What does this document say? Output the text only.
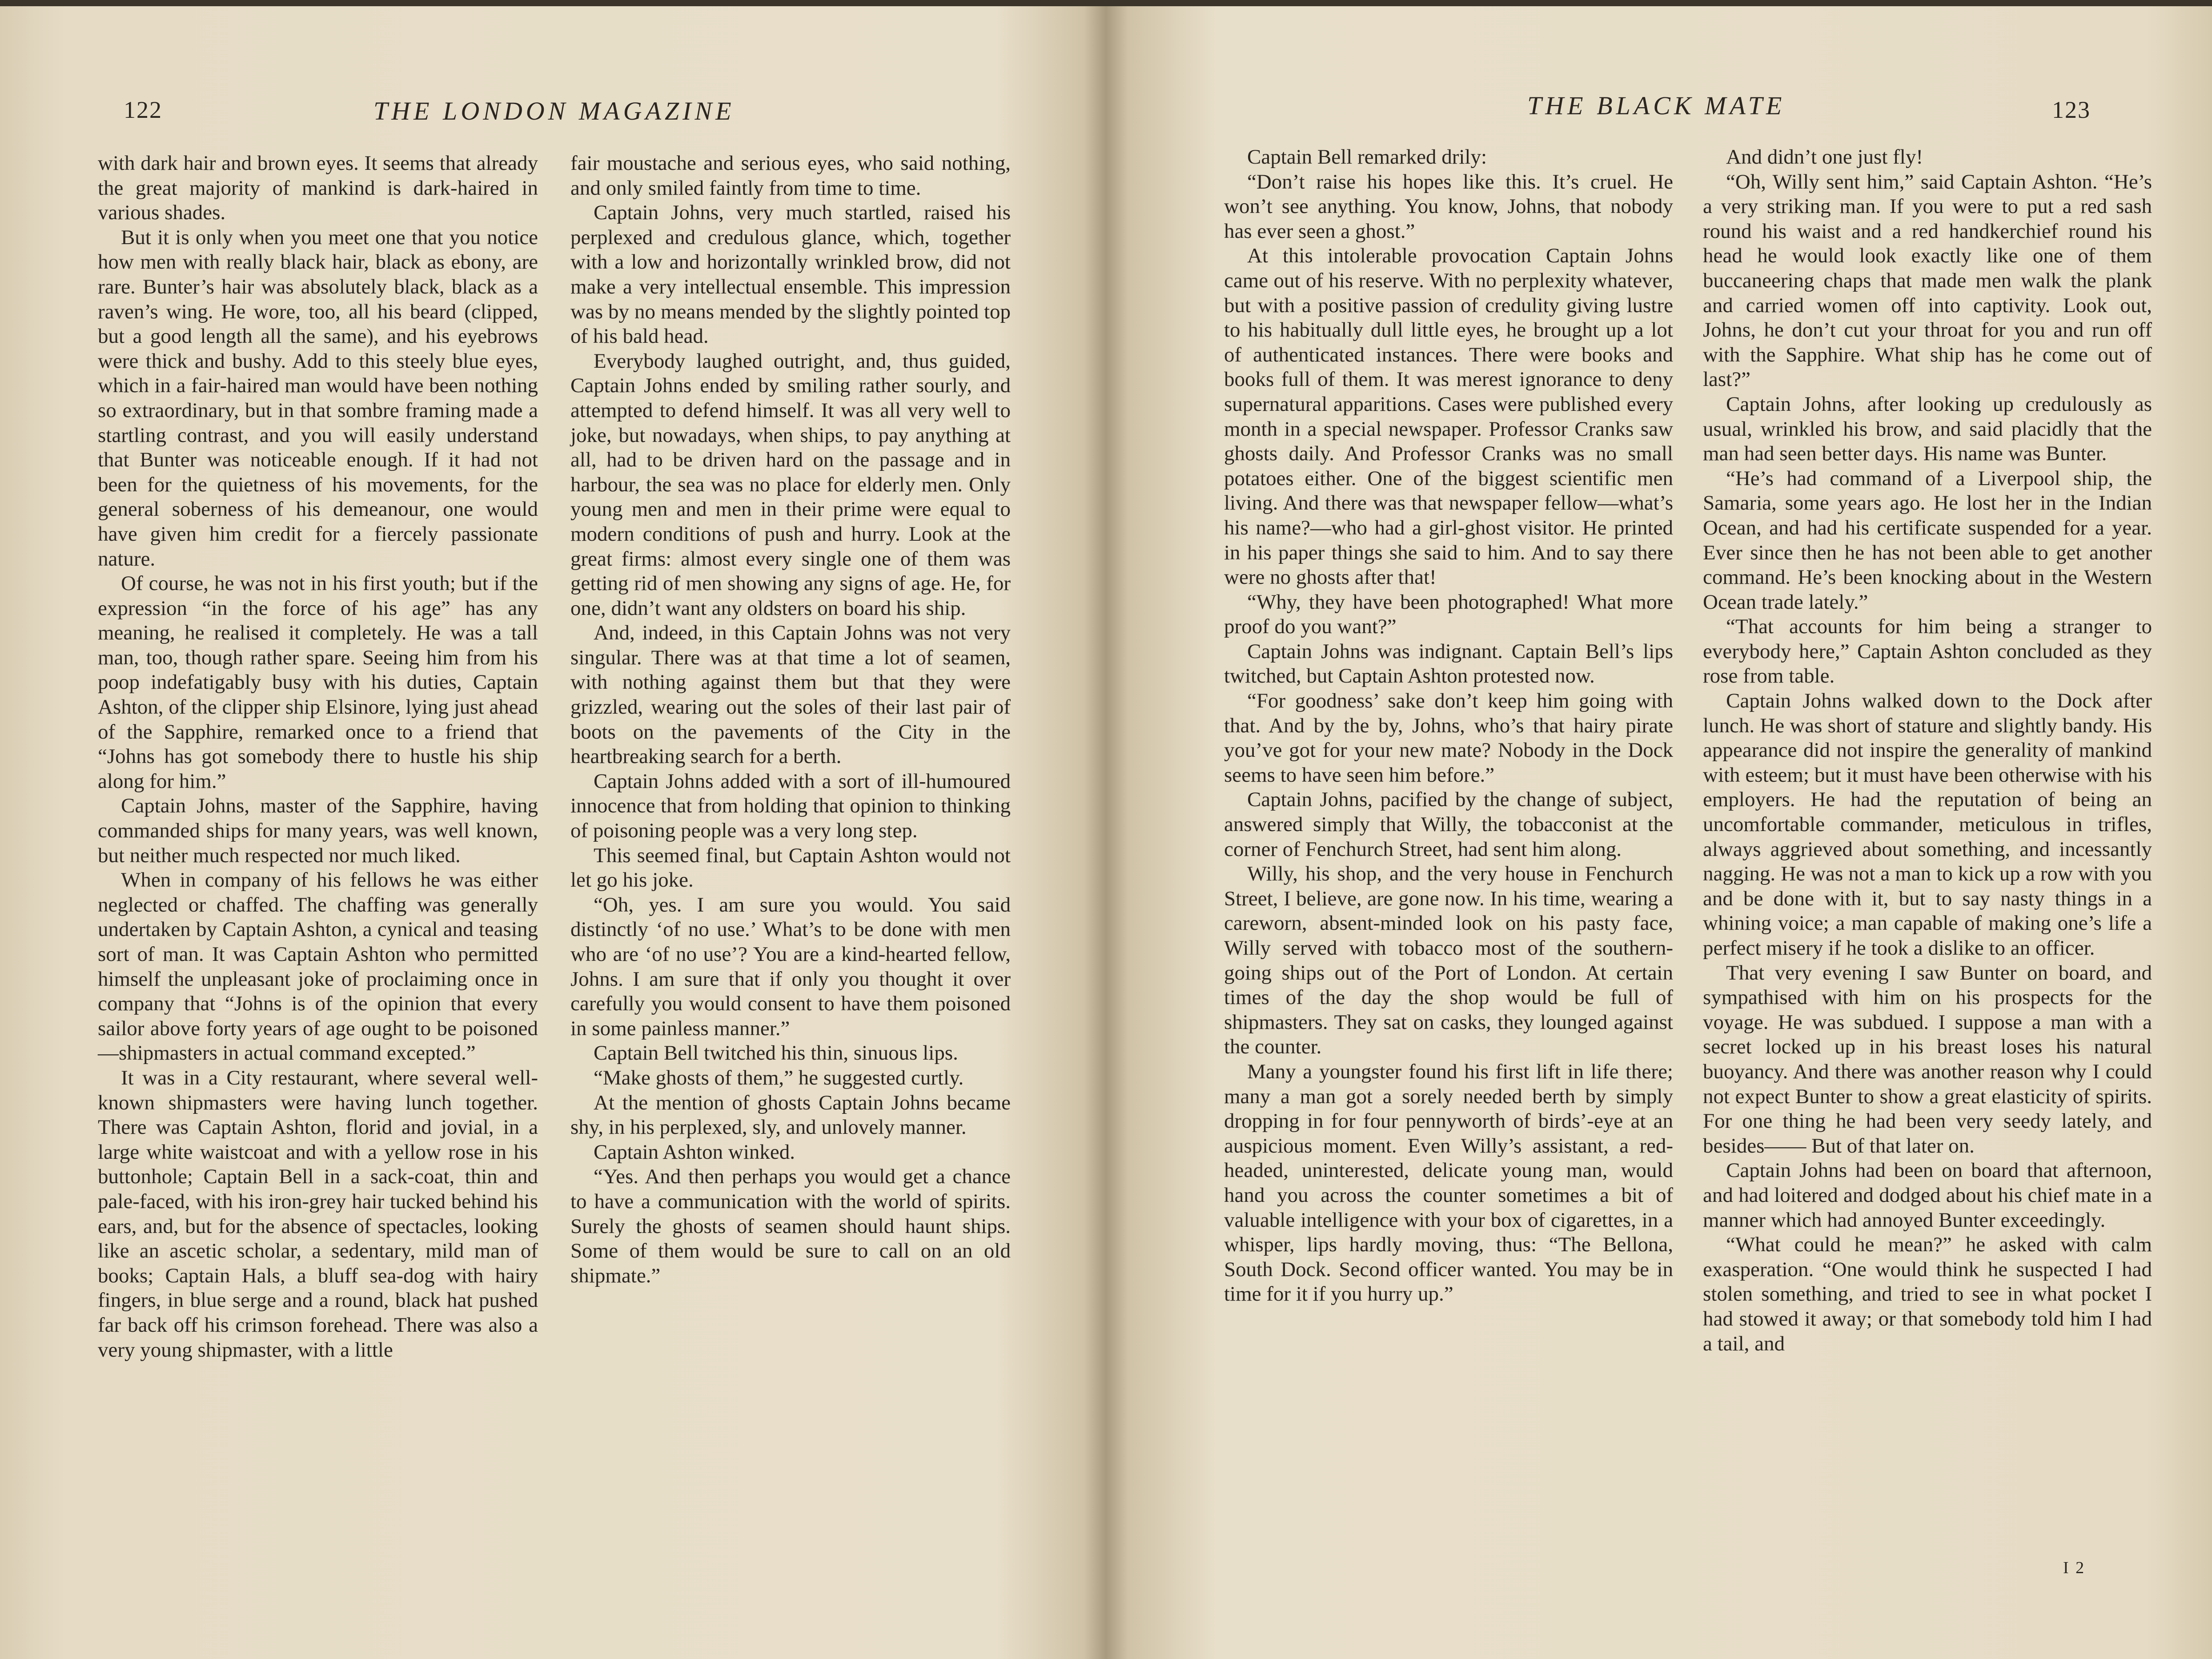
122	THE LONDON MAGAZINE

with dark hair and brown eyes. It seems that already the great majority of mankind is dark-haired in various shades.

But it is only when you meet one that you notice how men with really black hair, black as ebony, are rare. Bunter’s hair was absolutely black, black as a raven’s wing. He wore, too, all his beard (clipped, but a good length all the same), and his eyebrows were thick and bushy. Add to this steely blue eyes, which in a fair-haired man would have been nothing so extraordinary, but in that sombre framing made a startling contrast, and you will easily understand that Bunter was noticeable enough. If it had not been for the quietness of his movements, for the general soberness of his demeanour, one would have given him credit for a fiercely passionate nature.

Of course, he was not in his first youth; but if the expression “in the force of his age” has any meaning, he realised it completely. He was a tall man, too, though rather spare. Seeing him from his poop indefatigably busy with his duties, Captain Ashton, of the clipper ship Elsinore, lying just ahead of the Sapphire, remarked once to a friend that “Johns has got somebody there to hustle his ship along for him.”

Captain Johns, master of the Sapphire, having commanded ships for many years, was well known, but neither much respected nor much liked.

When in company of his fellows he was either neglected or chaffed. The chaffing was generally undertaken by Captain Ashton, a cynical and teasing sort of man. It was Captain Ashton who permitted himself the unpleasant joke of proclaiming once in company that “Johns is of the opinion that every sailor above forty years of age ought to be poisoned—shipmasters in actual command excepted.”

It was in a City restaurant, where several well-known shipmasters were having lunch together. There was Captain Ashton, florid and jovial, in a large white waistcoat and with a yellow rose in his buttonhole; Captain Bell in a sack-coat, thin and pale-faced, with his iron-grey hair tucked behind his ears, and, but for the absence of spectacles, looking like an ascetic scholar, a sedentary, mild man of books; Captain Hals, a bluff sea-dog with hairy fingers, in blue serge and a round, black hat pushed far back off his crimson forehead. There was also a very young shipmaster, with a little

fair moustache and serious eyes, who said nothing, and only smiled faintly from time to time.

Captain Johns, very much startled, raised his perplexed and credulous glance, which, together with a low and horizontally wrinkled brow, did not make a very intellectual ensemble. This impression was by no means mended by the slightly pointed top of his bald head.

Everybody laughed outright, and, thus guided, Captain Johns ended by smiling rather sourly, and attempted to defend himself. It was all very well to joke, but nowadays, when ships, to pay anything at all, had to be driven hard on the passage and in harbour, the sea was no place for elderly men. Only young men and men in their prime were equal to modern conditions of push and hurry. Look at the great firms: almost every single one of them was getting rid of men showing any signs of age. He, for one, didn’t want any oldsters on board his ship.

And, indeed, in this Captain Johns was not very singular. There was at that time a lot of seamen, with nothing against them but that they were grizzled, wearing out the soles of their last pair of boots on the pavements of the City in the heartbreaking search for a berth.

Captain Johns added with a sort of ill-humoured innocence that from holding that opinion to thinking of poisoning people was a very long step.

This seemed final, but Captain Ashton would not let go his joke.

“Oh, yes. I am sure you would. You said distinctly ‘of no use.’ What’s to be done with men who are ‘of no use’? You are a kind-hearted fellow, Johns. I am sure that if only you thought it over carefully you would consent to have them poisoned in some painless manner.”

Captain Bell twitched his thin, sinuous lips.

“Make ghosts of them,” he suggested curtly.

At the mention of ghosts Captain Johns became shy, in his perplexed, sly, and unlovely manner.

Captain Ashton winked.

“Yes. And then perhaps you would get a chance to have a communication with the world of spirits. Surely the ghosts of seamen should haunt ships. Some of them would be sure to call on an old shipmate.”

THE BLACK MATE	123

Captain Bell remarked drily:

“Don’t raise his hopes like this. It’s cruel. He won’t see anything. You know, Johns, that nobody has ever seen a ghost.”

At this intolerable provocation Captain Johns came out of his reserve. With no perplexity whatever, but with a positive passion of credulity giving lustre to his habitually dull little eyes, he brought up a lot of authenticated instances. There were books and books full of them. It was merest ignorance to deny supernatural apparitions. Cases were published every month in a special newspaper. Professor Cranks saw ghosts daily. And Professor Cranks was no small potatoes either. One of the biggest scientific men living. And there was that newspaper fellow—what’s his name?—who had a girl-ghost visitor. He printed in his paper things she said to him. And to say there were no ghosts after that!

“Why, they have been photographed! What more proof do you want?”

Captain Johns was indignant. Captain Bell’s lips twitched, but Captain Ashton protested now.

“For goodness’ sake don’t keep him going with that. And by the by, Johns, who’s that hairy pirate you’ve got for your new mate? Nobody in the Dock seems to have seen him before.”

Captain Johns, pacified by the change of subject, answered simply that Willy, the tobacconist at the corner of Fenchurch Street, had sent him along.

Willy, his shop, and the very house in Fenchurch Street, I believe, are gone now. In his time, wearing a careworn, absent-minded look on his pasty face, Willy served with tobacco most of the southern-going ships out of the Port of London. At certain times of the day the shop would be full of shipmasters. They sat on casks, they lounged against the counter.

Many a youngster found his first lift in life there; many a man got a sorely needed berth by simply dropping in for four pennyworth of birds’-eye at an auspicious moment. Even Willy’s assistant, a red-headed, uninterested, delicate young man, would hand you across the counter sometimes a bit of valuable intelligence with your box of cigarettes, in a whisper, lips hardly moving, thus: “The Bellona, South Dock. Second officer wanted. You may be in time for it if you hurry up.”

And didn’t one just fly!

“Oh, Willy sent him,” said Captain Ashton. “He’s a very striking man. If you were to put a red sash round his waist and a red handkerchief round his head he would look exactly like one of them buccaneering chaps that made men walk the plank and carried women off into captivity. Look out, Johns, he don’t cut your throat for you and run off with the Sapphire. What ship has he come out of last?”

Captain Johns, after looking up credulously as usual, wrinkled his brow, and said placidly that the man had seen better days. His name was Bunter.

“He’s had command of a Liverpool ship, the Samaria, some years ago. He lost her in the Indian Ocean, and had his certificate suspended for a year. Ever since then he has not been able to get another command. He’s been knocking about in the Western Ocean trade lately.”

“That accounts for him being a stranger to everybody here,” Captain Ashton concluded as they rose from table.

Captain Johns walked down to the Dock after lunch. He was short of stature and slightly bandy. His appearance did not inspire the generality of mankind with esteem; but it must have been otherwise with his employers. He had the reputation of being an uncomfortable commander, meticulous in trifles, always aggrieved about something, and incessantly nagging. He was not a man to kick up a row with you and be done with it, but to say nasty things in a whining voice; a man capable of making one’s life a perfect misery if he took a dislike to an officer.

That very evening I saw Bunter on board, and sympathised with him on his prospects for the voyage. He was subdued. I suppose a man with a secret locked up in his breast loses his natural buoyancy. And there was another reason why I could not expect Bunter to show a great elasticity of spirits. For one thing he had been very seedy lately, and besides—— But of that later on.

Captain Johns had been on board that afternoon, and had loitered and dodged about his chief mate in a manner which had annoyed Bunter exceedingly.

“What could he mean?” he asked with calm exasperation. “One would think he suspected I had stolen something, and tried to see in what pocket I had stowed it away; or that somebody told him I had a tail, and

I 2
